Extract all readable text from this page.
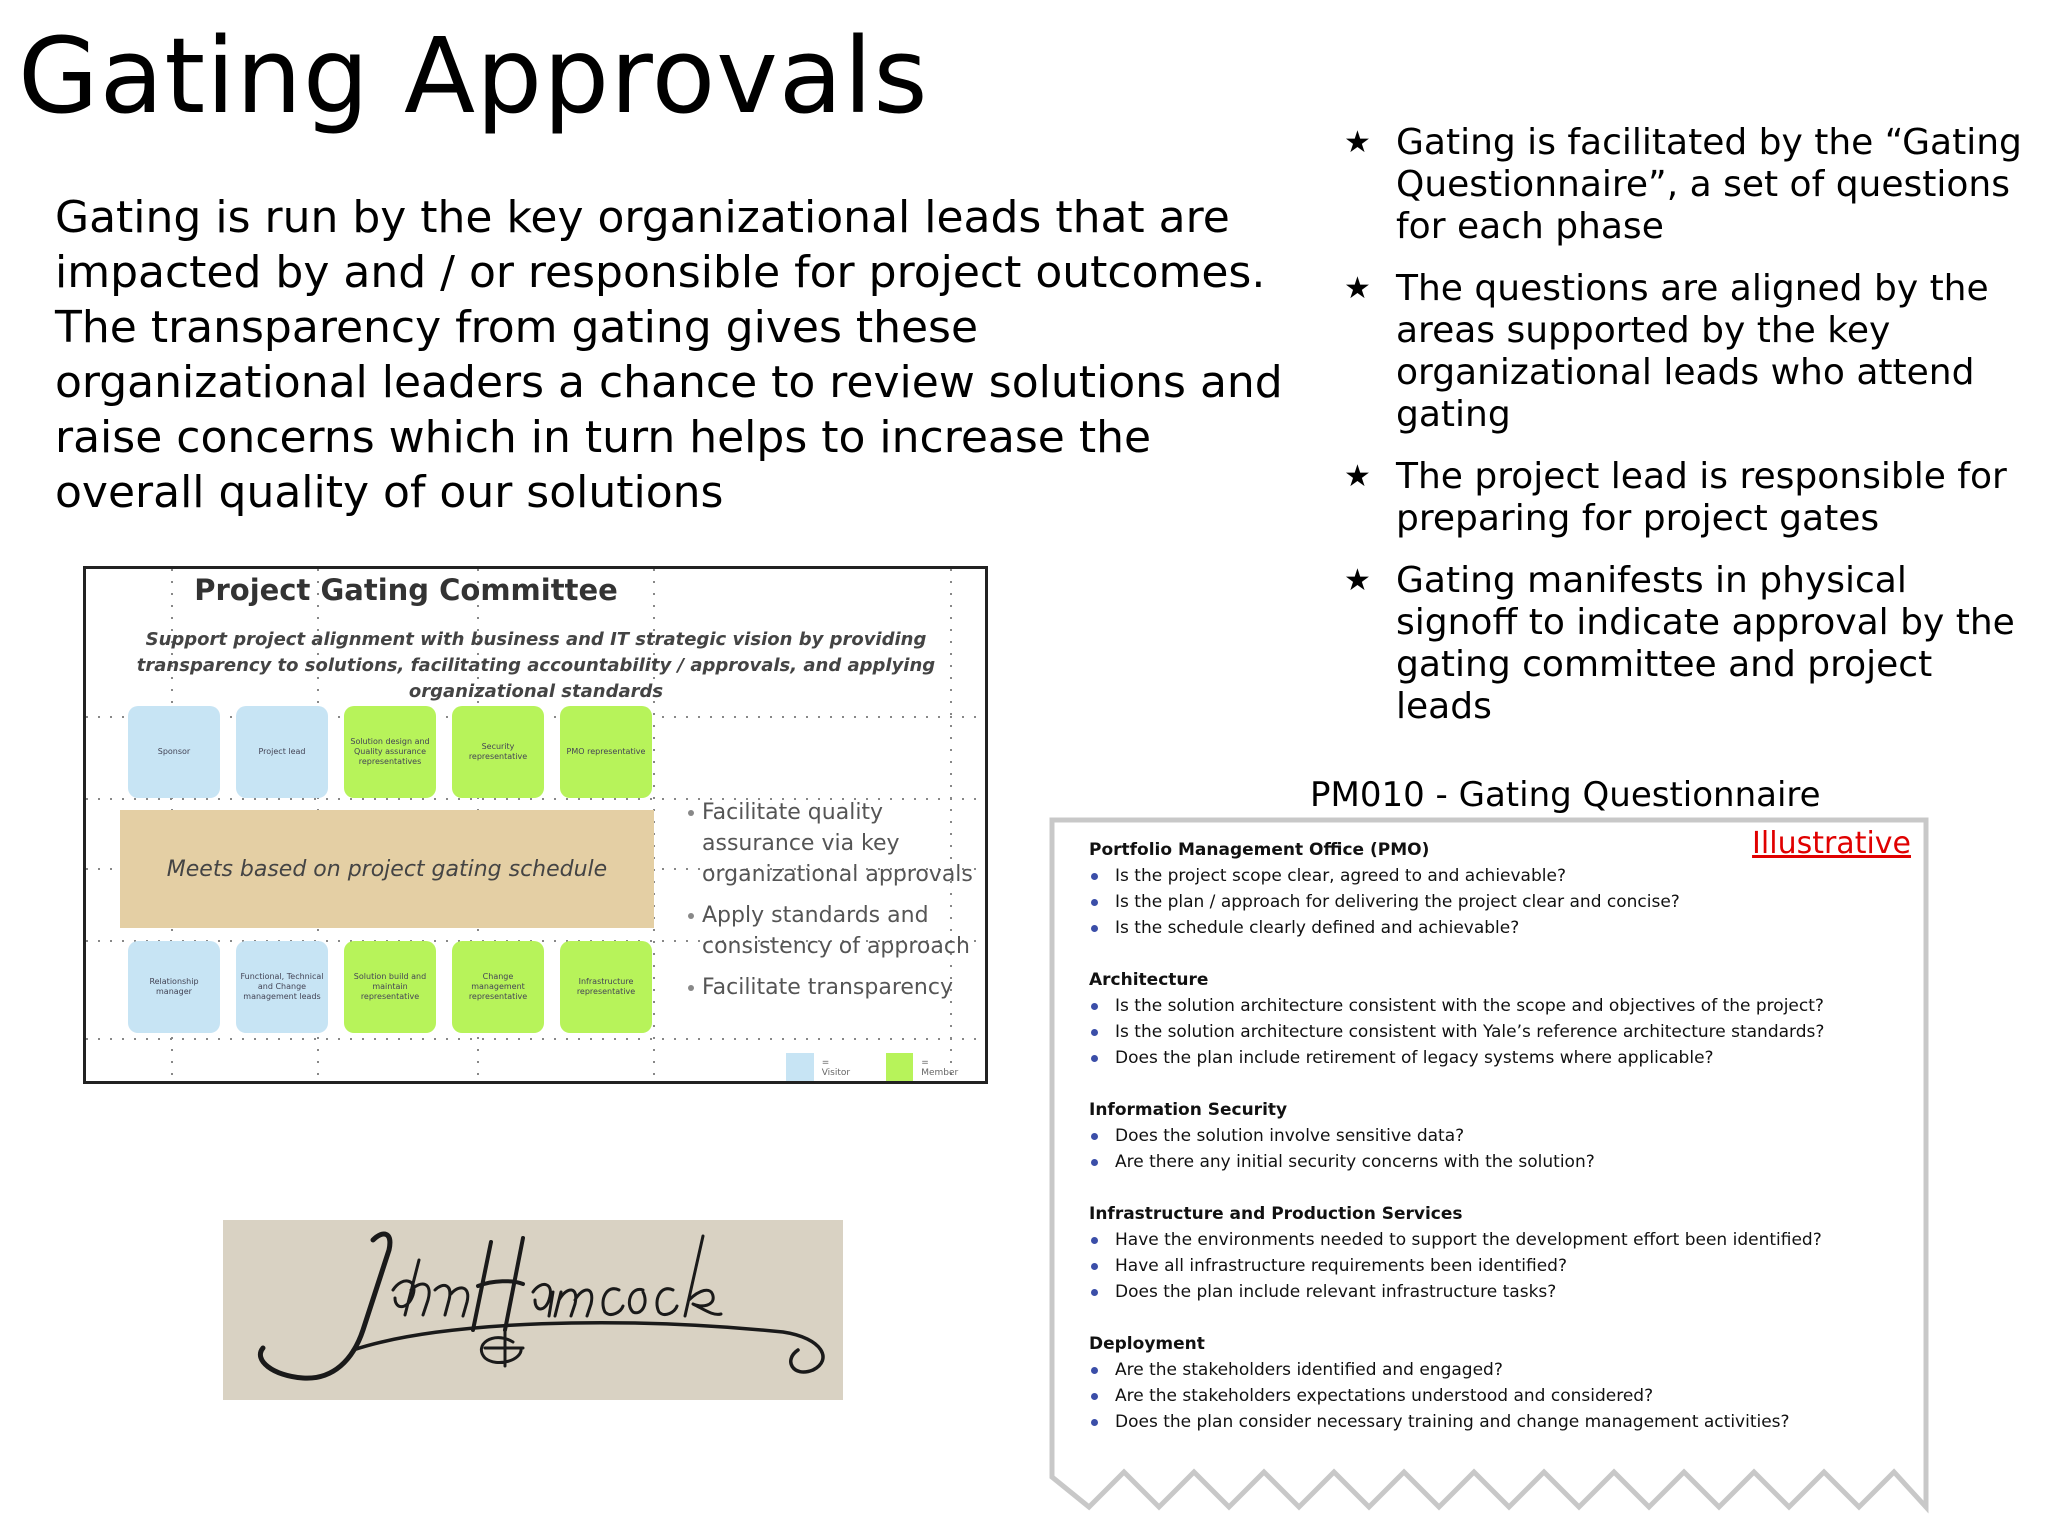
Gating Approvals

Gating is run by the key organizational leads that are impacted by and / or responsible for project outcomes. The transparency from gating gives these organizational leaders a chance to review solutions and raise concerns which in turn helps to increase the overall quality of our solutions

★ Gating is facilitated by the “Gating Questionnaire”, a set of questions for each phase
★ The questions are aligned by the areas supported by the key organizational leads who attend gating
★ The project lead is responsible for preparing for project gates
★ Gating manifests in physical signoff to indicate approval by the gating committee and project leads
Project Gating Committee
Support project alignment with business and IT strategic vision by providing transparency to solutions, facilitating accountability / approvals, and applying organizational standards
Sponsor	Project lead
Solution design and Quality assurance representatives
Security representative
PMO representative
Meets based on project gating schedule
Relationship manager
Functional, Technical and Change management leads
Solution build and maintain representative
Change management representative
Infrastructure representative
Facilitate quality assurance via key organizational approvals
Apply standards and consistency of approach
Facilitate transparency
= Visitor
= Member
PM010 - Gating Questionnaire
Illustrative
Portfolio Management Office (PMO)
Is the project scope clear, agreed to and achievable?
Is the plan / approach for delivering the project clear and concise?
Is the schedule clearly defined and achievable?
Architecture
Is the solution architecture consistent with the scope and objectives of the project?
Is the solution architecture consistent with Yale’s reference architecture standards?
Does the plan include retirement of legacy systems where applicable?
Information Security
Does the solution involve sensitive data?
Are there any initial security concerns with the solution?
Infrastructure and Production Services
Have the environments needed to support the development effort been identified?
Have all infrastructure requirements been identified?
Does the plan include relevant infrastructure tasks?
Deployment
Are the stakeholders identified and engaged?
Are the stakeholders expectations understood and considered?
Does the plan consider necessary training and change management activities?
